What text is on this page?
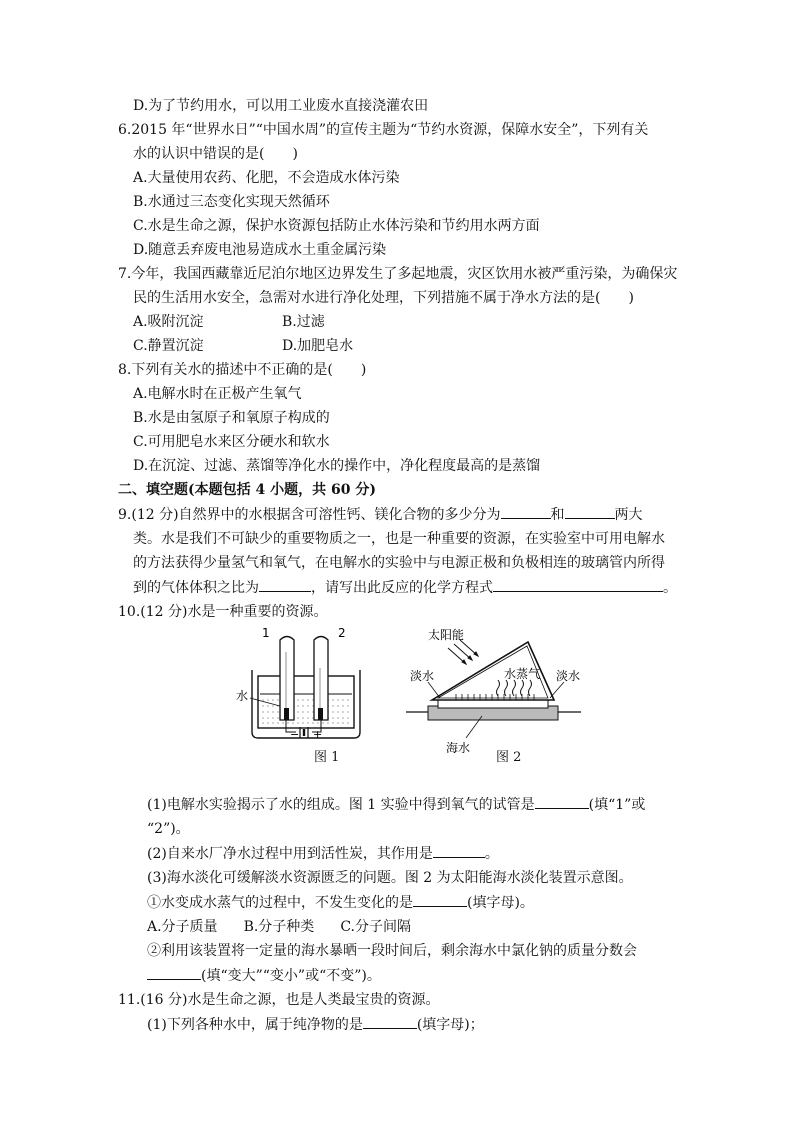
D.为了节约用水，可以用工业废水直接浇灌农田

6.2015 年“世界水日”“中国水周”的宣传主题为“节约水资源，保障水安全”，下列有关

水的认识中错误的是(　　)

A.大量使用农药、化肥，不会造成水体污染

B.水通过三态变化实现天然循环

C.水是生命之源，保护水资源包括防止水体污染和节约用水两方面

D.随意丢弃废电池易造成水土重金属污染

7.今年，我国西藏靠近尼泊尔地区边界发生了多起地震，灾区饮用水被严重污染，为确保灾

民的生活用水安全，急需对水进行净化处理，下列措施不属于净水方法的是(　　)

A.吸附沉淀	B.过滤

C.静置沉淀	D.加肥皂水

8.下列有关水的描述中不正确的是(　　)

A.电解水时在正极产生氧气

B.水是由氢原子和氧原子构成的

C.可用肥皂水来区分硬水和软水

D.在沉淀、过滤、蒸馏等净化水的操作中，净化程度最高的是蒸馏

二、填空题(本题包括 4 小题，共 60 分)

9.(12 分)自然界中的水根据含可溶性钙、镁化合物的多少分为	和	两大

类。水是我们不可缺少的重要物质之一，也是一种重要的资源，在实验室中可用电解水

的方法获得少量氢气和氧气，在电解水的实验中与电源正极和负极相连的玻璃管内所得

到的气体体积之比为	，请写出此反应的化学方程式	。

10.(12 分)水是一种重要的资源。

1	2
水
− +
图 1
太阳能
淡水	水蒸气 淡水
海水
图 2

(1)电解水实验揭示了水的组成。图 1 实验中得到氧气的试管是	(填“1”或

“2”)。

(2)自来水厂净水过程中用到活性炭，其作用是	。

(3)海水淡化可缓解淡水资源匮乏的问题。图 2 为太阳能海水淡化装置示意图。

①水变成水蒸气的过程中，不发生变化的是	(填字母)。

A.分子质量 B.分子种类 C.分子间隔

②利用该装置将一定量的海水暴晒一段时间后，剩余海水中氯化钠的质量分数会

(填“变大”“变小”或“不变”)。

11.(16 分)水是生命之源，也是人类最宝贵的资源。

(1)下列各种水中，属于纯净物的是	(填字母)；
